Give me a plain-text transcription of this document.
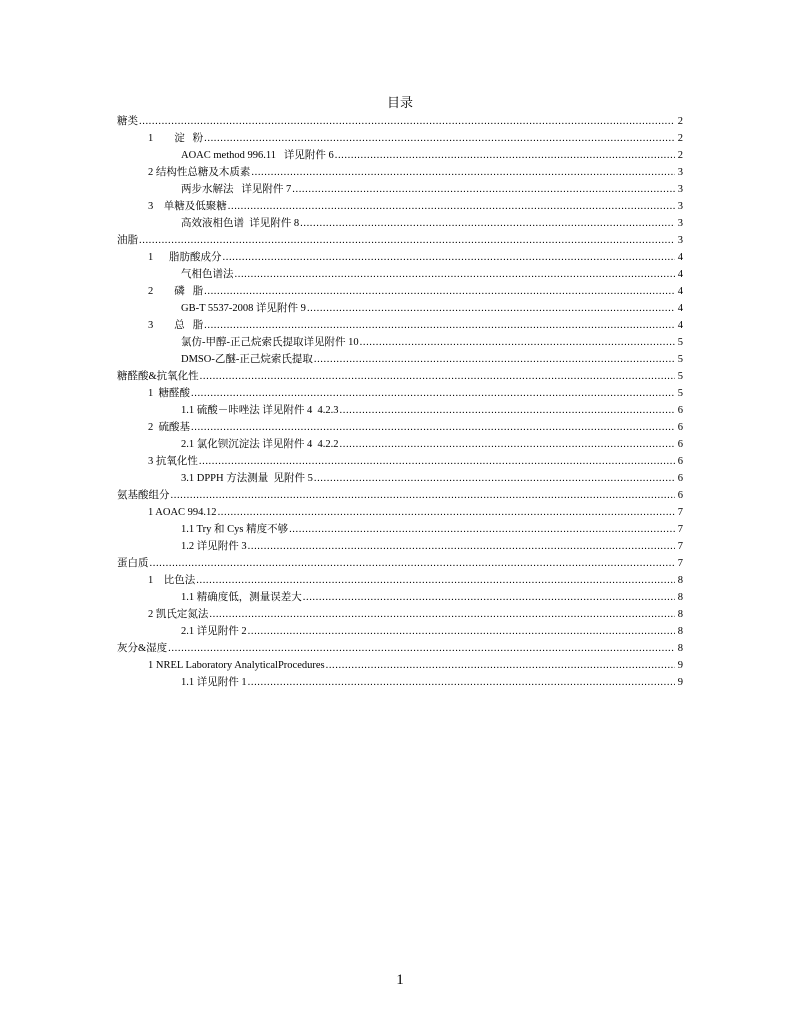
目录
糖类 .....	2
1        淀   粉 .....	2
AOAC method 996.11   详见附件 6 .....	2
2 结构性总糖及木质素 .....	3
两步水解法   详见附件 7 .....	3
3    单糖及低聚糖 .....	3
高效液相色谱  详见附件 8 .....	3
油脂 .....	3
1      脂肪酸成分 .....	4
气相色谱法 .....	4
2        磷   脂 .....	4
GB-T 5537-2008 详见附件 9 .....	4
3        总   脂 .....	4
氯仿-甲醇-正己烷索氏提取详见附件 10 .....	5
DMSO-乙醚-正己烷索氏提取 .....	5
糖醛酸&抗氧化性 .....	5
1  糖醛酸 .....	5
1.1 硫酸－咔唑法 详见附件 4  4.2.3 .....	6
2  硫酸基 .....	6
2.1 氯化钡沉淀法 详见附件 4  4.2.2 .....	6
3 抗氧化性 .....	6
3.1 DPPH 方法测量  见附件 5 .....	6
氨基酸组分 .....	6
1 AOAC 994.12 .....	7
1.1 Try 和 Cys 精度不够 .....	7
1.2 详见附件 3 .....	7
蛋白质 .....	7
1    比色法 .....	8
1.1 精确度低，测量误差大 .....	8
2 凯氏定氮法 .....	8
2.1 详见附件 2 .....	8
灰分&湿度 .....	8
1 NREL Laboratory AnalyticalProcedures .....	9
1.1 详见附件 1 .....	9
1
